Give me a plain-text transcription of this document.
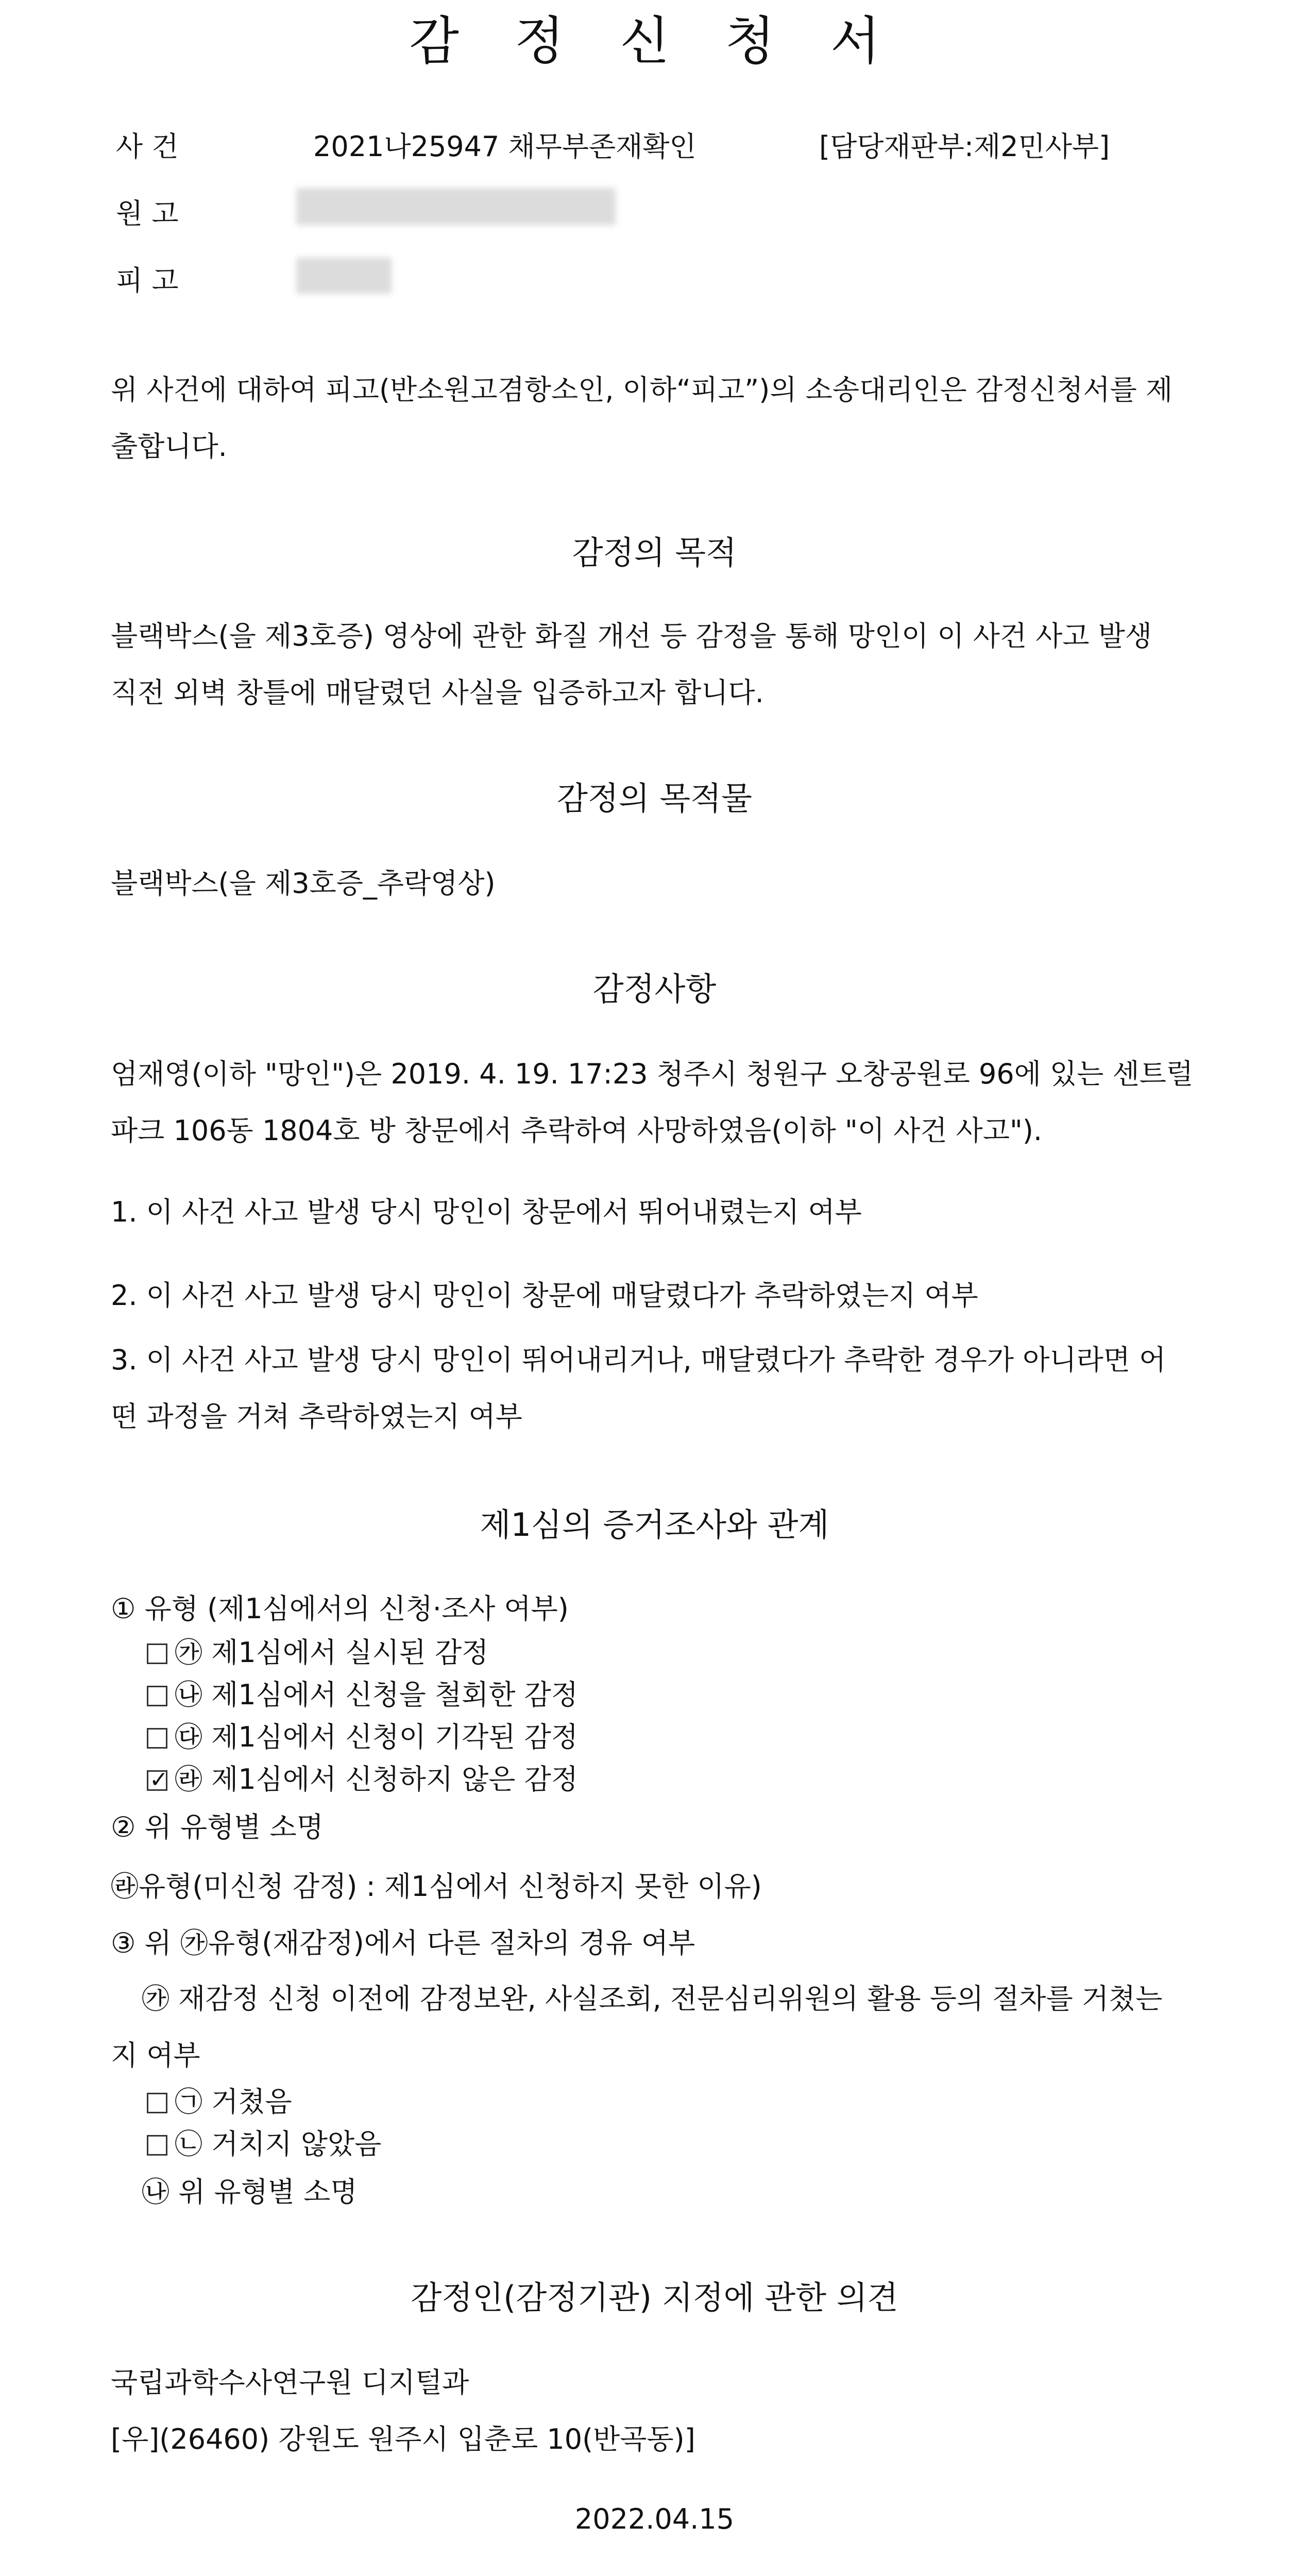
감 정 신 청 서
사 건	2021나25947 채무부존재확인	[담당재판부:제2민사부]
원 고
피 고
위 사건에 대하여 피고(반소원고겸항소인, 이하“피고”)의 소송대리인은 감정신청서를 제
출합니다.
감정의 목적
블랙박스(을 제3호증) 영상에 관한 화질 개선 등 감정을 통해 망인이 이 사건 사고 발생
직전 외벽 창틀에 매달렸던 사실을 입증하고자 합니다.
감정의 목적물
블랙박스(을 제3호증_추락영상)
감정사항
엄재영(이하 "망인")은 2019. 4. 19. 17:23 청주시 청원구 오창공원로 96에 있는 센트럴
파크 106동 1804호 방 창문에서 추락하여 사망하였음(이하 "이 사건 사고").
1. 이 사건 사고 발생 당시 망인이 창문에서 뛰어내렸는지 여부
2. 이 사건 사고 발생 당시 망인이 창문에 매달렸다가 추락하였는지 여부
3. 이 사건 사고 발생 당시 망인이 뛰어내리거나, 매달렸다가 추락한 경우가 아니라면 어
떤 과정을 거쳐 추락하였는지 여부
제1심의 증거조사와 관계
① 유형 (제1심에서의 신청·조사 여부)
㉮ 제1심에서 실시된 감정
㉯ 제1심에서 신청을 철회한 감정
㉰ 제1심에서 신청이 기각된 감정
✓㉱ 제1심에서 신청하지 않은 감정
② 위 유형별 소명
㉱유형(미신청 감정) : 제1심에서 신청하지 못한 이유)
③ 위 ㉮유형(재감정)에서 다른 절차의 경유 여부
㉮ 재감정 신청 이전에 감정보완, 사실조회, 전문심리위원의 활용 등의 절차를 거쳤는
지 여부
㉠ 거쳤음
㉡ 거치지 않았음
㉯ 위 유형별 소명
감정인(감정기관) 지정에 관한 의견
국립과학수사연구원 디지털과
[우](26460) 강원도 원주시 입춘로 10(반곡동)]
2022.04.15
